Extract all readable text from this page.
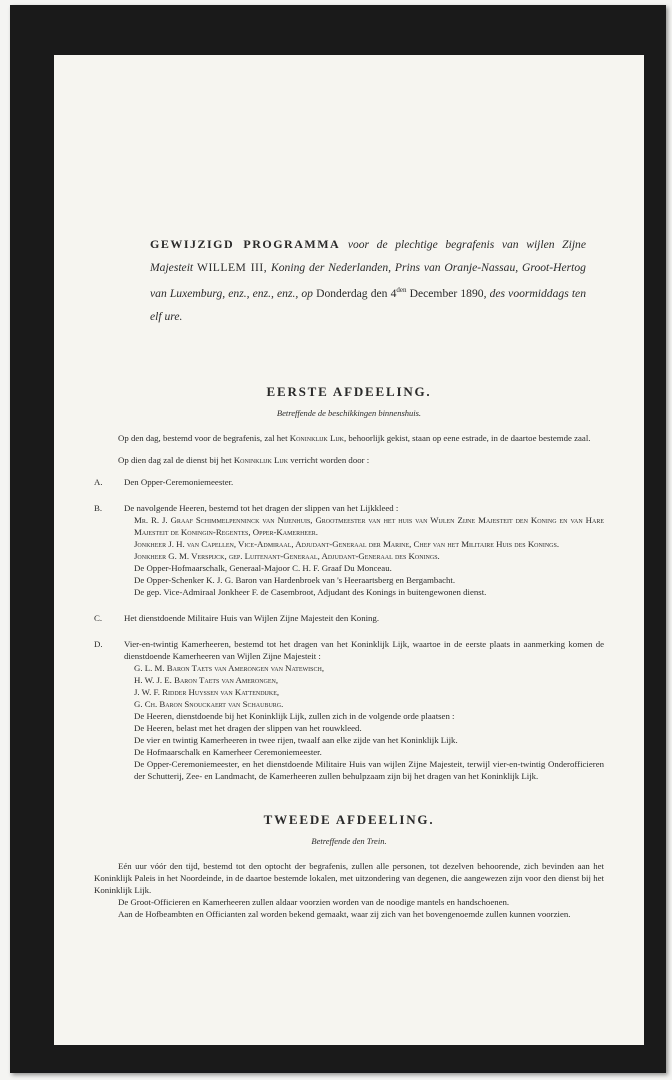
GEWIJZIGD PROGRAMMA voor de plechtige begrafenis van wijlen Zijne Majesteit WILLEM III, Koning der Nederlanden, Prins van Oranje-Nassau, Groot-Hertog van Luxemburg, enz., enz., enz., op Donderdag den $4^{den}$ December 1890, des voormiddags ten elf ure.
EERSTE AFDEELING.
Betreffende de beschikkingen binnenshuis.

Op den dag, bestemd voor de begrafenis, zal het Koninklijk Lijk, behoorlijk gekist, staan op eene estrade, in de daartoe bestemde zaal.

Op dien dag zal de dienst bij het Koninklijk Lijk verricht worden door :

A.	Den Opper-Ceremoniemeester.
B.	De navolgende Heeren, bestemd tot het dragen der slippen van het Lijkkleed :
Mr. R. J. Graaf Schimmelpenninck van Nijenhuis, Grootmeester van het huis van Wijlen Zijne Majesteit den Koning en van Hare Majesteit de Koningin-Regentes, Opper-Kamerheer.
Jonkheer J. H. van Capellen, Vice-Admiraal, Adjudant-Generaal der Marine, Chef van het Militaire Huis des Konings.
Jonkheer G. M. Verspijck, gep. Luitenant-Generaal, Adjudant-Generaal des Konings.
De Opper-Hofmaarschalk, Generaal-Majoor C. H. F. Graaf Du Monceau.
De Opper-Schenker K. J. G. Baron van Hardenbroek van 's Heeraartsberg en Bergambacht.
De gep. Vice-Admiraal Jonkheer F. de Casembroot, Adjudant des Konings in buitengewonen dienst.
C.	Het dienstdoende Militaire Huis van Wijlen Zijne Majesteit den Koning.
D.	Vier-en-twintig Kamerheeren, bestemd tot het dragen van het Koninklijk Lijk, waartoe in de eerste plaats in aanmerking komen de dienstdoende Kamerheeren van Wijlen Zijne Majesteit :
G. L. M. Baron Taets van Amerongen van Natewisch,
H. W. J. E. Baron Taets van Amerongen,
J. W. F. Ridder Huyssen van Kattendijke,
G. Ch. Baron Snouckaert van Schauburg.
De Heeren, dienstdoende bij het Koninklijk Lijk, zullen zich in de volgende orde plaatsen :
De Heeren, belast met het dragen der slippen van het rouwkleed.
De vier en twintig Kamerheeren in twee rijen, twaalf aan elke zijde van het Koninklijk Lijk.
De Hofmaarschalk en Kamerheer Ceremoniemeester.
De Opper-Ceremoniemeester, en het dienstdoende Militaire Huis van wijlen Zijne Majesteit, terwijl vier-en-twintig Onderofficieren der Schutterij, Zee- en Landmacht, de Kamerheeren zullen behulpzaam zijn bij het dragen van het Koninklijk Lijk.
TWEEDE AFDEELING.
Betreffende den Trein.
Eén uur vóór den tijd, bestemd tot den optocht der begrafenis, zullen alle personen, tot dezelven behoorende, zich bevinden aan het Koninklijk Paleis in het Noordeinde, in de daartoe bestemde lokalen, met uitzondering van degenen, die aangewezen zijn voor den dienst bij het Koninklijk Lijk.
De Groot-Officieren en Kamerheeren zullen aldaar voorzien worden van de noodige mantels en handschoenen.
Aan de Hofbeambten en Officianten zal worden bekend gemaakt, waar zij zich van het bovengenoemde zullen kunnen voorzien.
